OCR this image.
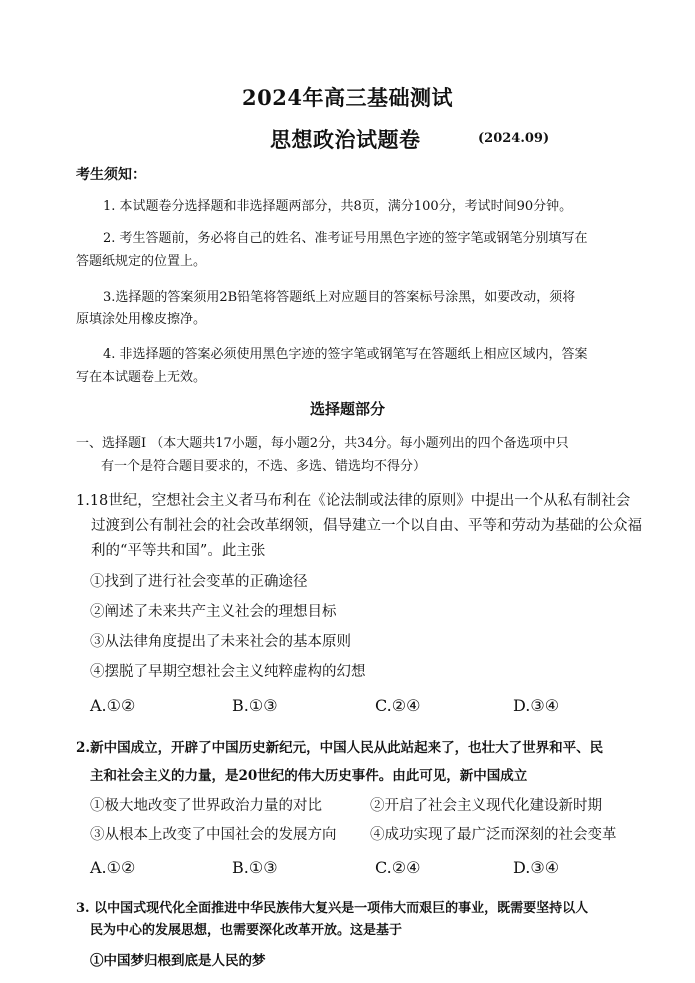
2024年高三基础测试
思想政治试题卷	(2024.09)
考生须知：
1. 本试题卷分选择题和非选择题两部分，共8页，满分100分，考试时间90分钟。
2. 考生答题前，务必将自己的姓名、准考证号用黑色字迹的签字笔或钢笔分别填写在
答题纸规定的位置上。
3.选择题的答案须用2B铅笔将答题纸上对应题目的答案标号涂黑，如要改动，须将
原填涂处用橡皮擦净。
4. 非选择题的答案必须使用黑色字迹的签字笔或钢笔写在答题纸上相应区域内，答案
写在本试题卷上无效。
选择题部分
一、选择题Ⅰ （本大题共17小题，每小题2分，共34分。每小题列出的四个备选项中只
有一个是符合题目要求的，不选、多选、错选均不得分）
1.18世纪，空想社会主义者马布利在《论法制或法律的原则》中提出一个从私有制社会
过渡到公有制社会的社会改革纲领，倡导建立一个以自由、平等和劳动为基础的公众福
利的“平等共和国”。此主张
①找到了进行社会变革的正确途径
②阐述了未来共产主义社会的理想目标
③从法律角度提出了未来社会的基本原则
④摆脱了早期空想社会主义纯粹虚构的幻想
A.①②	B.①③	C.②④	D.③④
2.新中国成立，开辟了中国历史新纪元，中国人民从此站起来了，也壮大了世界和平、民
主和社会主义的力量，是20世纪的伟大历史事件。由此可见，新中国成立
①极大地改变了世界政治力量的对比	②开启了社会主义现代化建设新时期
③从根本上改变了中国社会的发展方向 ④成功实现了最广泛而深刻的社会变革
A.①②	B.①③	C.②④	D.③④
3. 以中国式现代化全面推进中华民族伟大复兴是一项伟大而艰巨的事业，既需要坚持以人
民为中心的发展思想，也需要深化改革开放。这是基于
①中国梦归根到底是人民的梦
